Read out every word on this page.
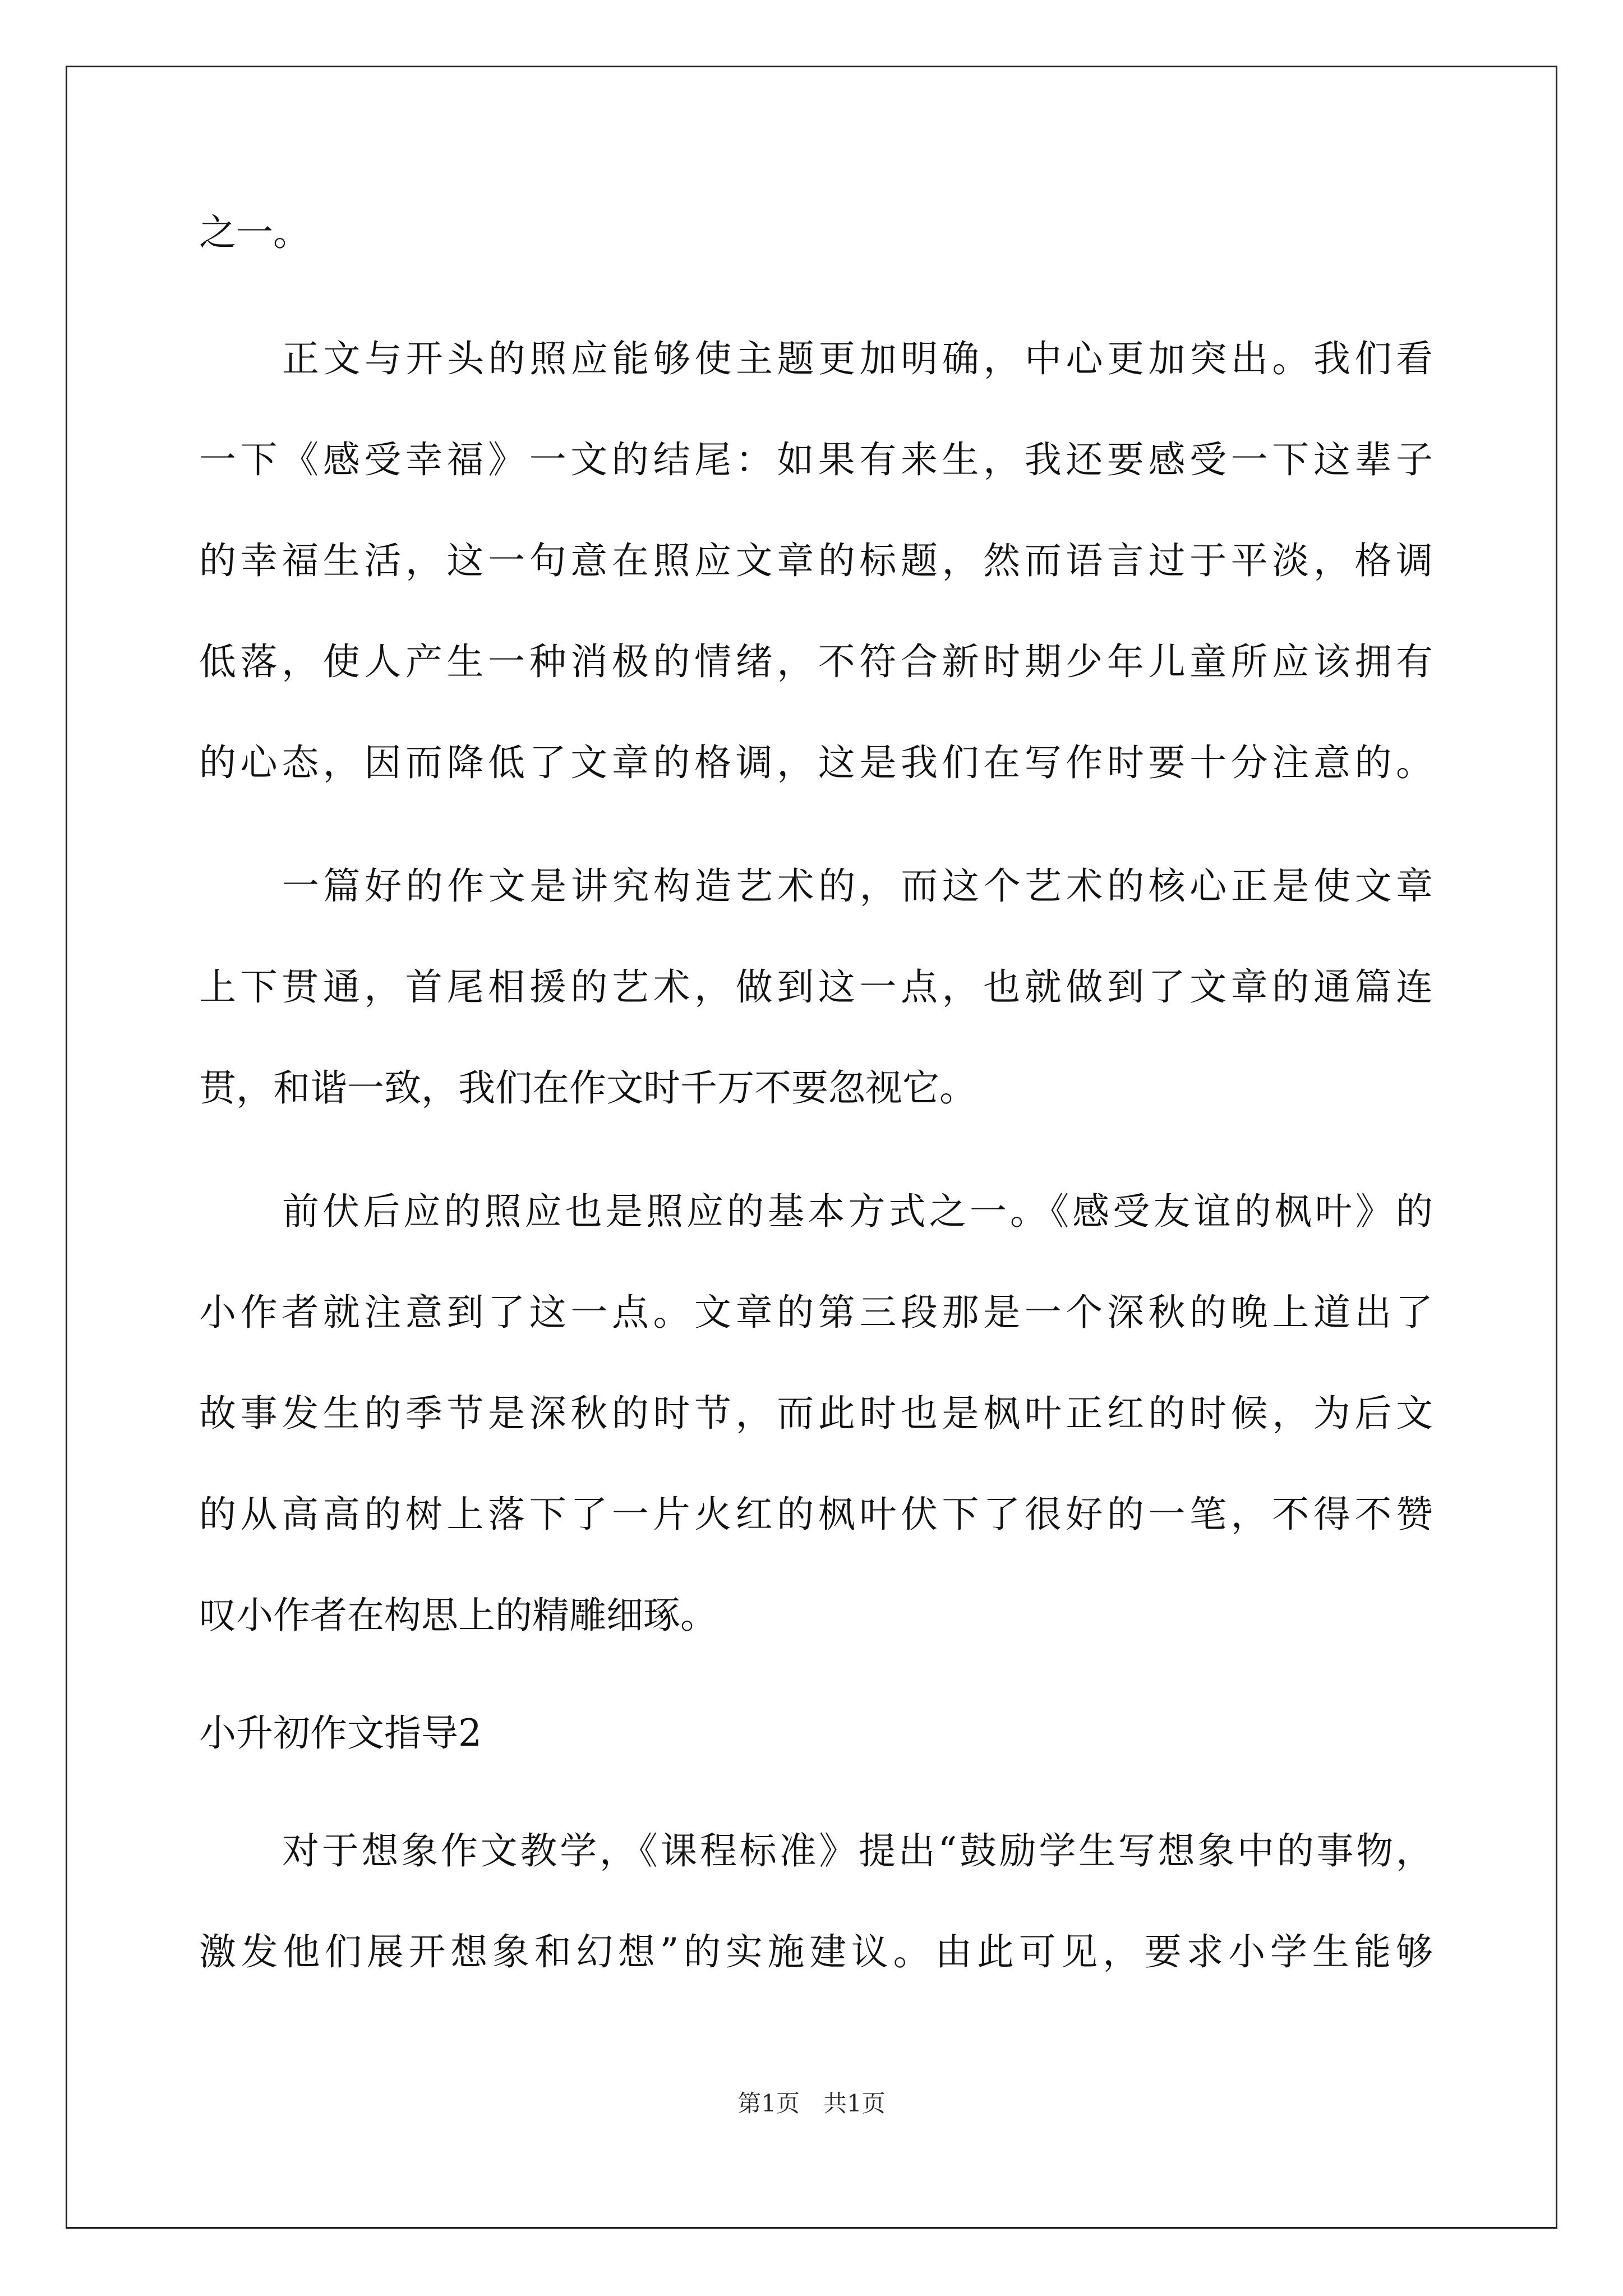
之一。
正文与开头的照应能够使主题更加明确，中心更加突出。我们看
一下《感受幸福》一文的结尾：如果有来生，我还要感受一下这辈子
的幸福生活，这一句意在照应文章的标题，然而语言过于平淡，格调
低落，使人产生一种消极的情绪，不符合新时期少年儿童所应该拥有
的心态，因而降低了文章的格调，这是我们在写作时要十分注意的。
一篇好的作文是讲究构造艺术的，而这个艺术的核心正是使文章
上下贯通，首尾相援的艺术，做到这一点，也就做到了文章的通篇连
贯，和谐一致，我们在作文时千万不要忽视它。
前伏后应的照应也是照应的基本方式之一。《感受友谊的枫叶》的
小作者就注意到了这一点。文章的第三段那是一个深秋的晚上道出了
故事发生的季节是深秋的时节，而此时也是枫叶正红的时候，为后文
的从高高的树上落下了一片火红的枫叶伏下了很好的一笔，不得不赞
叹小作者在构思上的精雕细琢。
小升初作文指导2
对于想象作文教学，《课程标准》提出“鼓励学生写想象中的事物，
激发他们展开想象和幻想”的实施建议。由此可见，要求小学生能够
第1页　共1页
